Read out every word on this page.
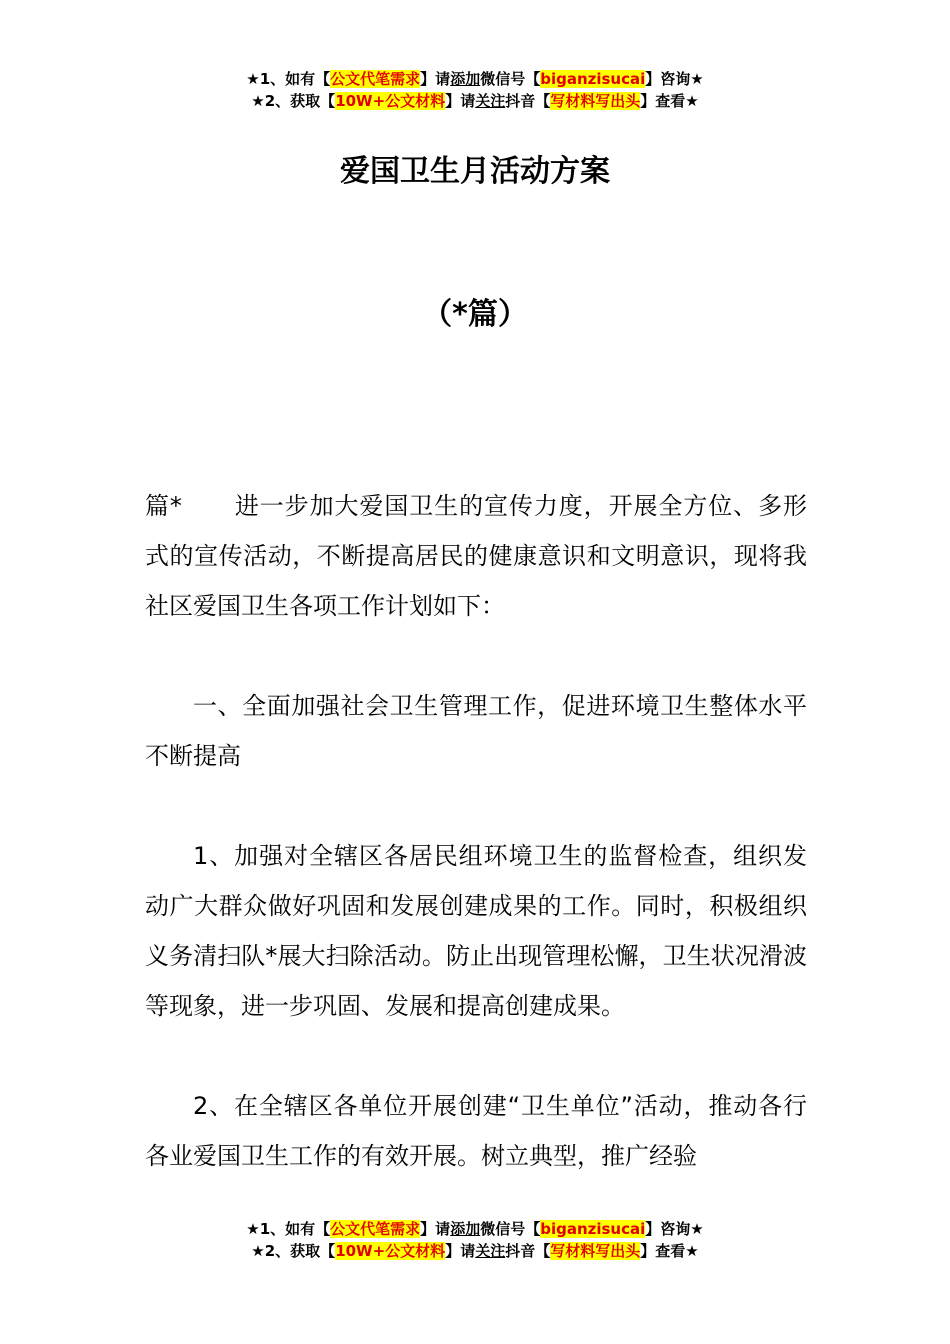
★1、如有【公文代笔需求】请添加微信号【biganzisucai】咨询★
★2、获取【10W+公文材料】请关注抖音【写材料写出头】查看★
爱国卫生月活动方案
（*篇）

篇* 进一步加大爱国卫生的宣传力度，开展全方位、多形式的宣传活动，不断提高居民的健康意识和文明意识，现将我社区爱国卫生各项工作计划如下：

一、全面加强社会卫生管理工作，促进环境卫生整体水平不断提高

1、加强对全辖区各居民组环境卫生的监督检查，组织发动广大群众做好巩固和发展创建成果的工作。同时，积极组织义务清扫队*展大扫除活动。防止出现管理松懈，卫生状况滑波等现象，进一步巩固、发展和提高创建成果。

2、在全辖区各单位开展创建“卫生单位”活动，推动各行各业爱国卫生工作的有效开展。树立典型，推广经验

★1、如有【公文代笔需求】请添加微信号【biganzisucai】咨询★
★2、获取【10W+公文材料】请关注抖音【写材料写出头】查看★
